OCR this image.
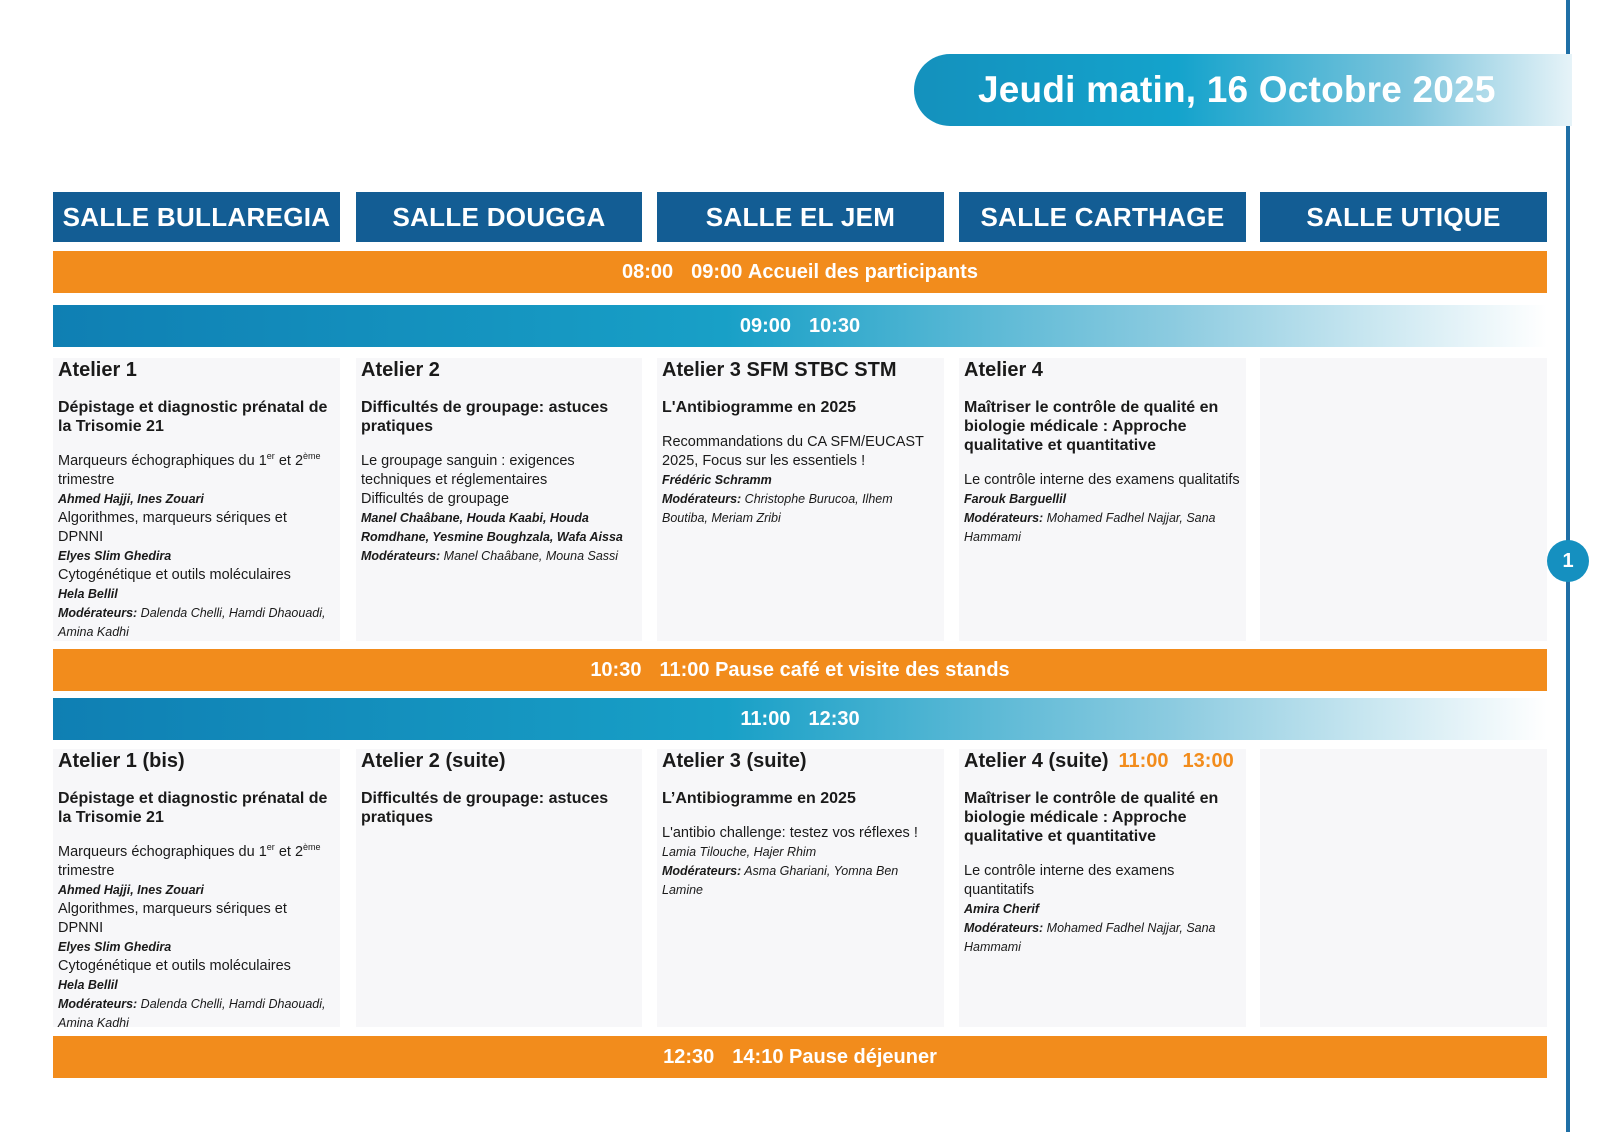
Jeudi matin, 16 Octobre 2025
1
SALLE BULLAREGIA	SALLE DOUGGA	SALLE EL JEM	SALLE CARTHAGE	SALLE UTIQUE
08:00 09:00
Accueil des participants
09:00 10:30

Atelier 1

Dépistage et diagnostic prénatal de la Trisomie 21
Marqueurs échographiques du 1er et 2ème trimestre
Ahmed Hajji, Ines Zouari
Algorithmes, marqueurs sériques et DPNNI
Elyes Slim Ghedira
Cytogénétique et outils moléculaires
Hela Bellil
Modérateurs: Dalenda Chelli, Hamdi Dhaouadi, Amina Kadhi

Atelier 2

Difficultés de groupage: astuces pratiques
Le groupage sanguin : exigences techniques et réglementaires
Difficultés de groupage
Manel Chaâbane, Houda Kaabi, Houda Romdhane, Yesmine Boughzala, Wafa Aissa
Modérateurs: Manel Chaâbane, Mouna Sassi

Atelier 3 SFM STBC STM

L'Antibiogramme en 2025
Recommandations du CA SFM/EUCAST 2025, Focus sur les essentiels !
Frédéric Schramm
Modérateurs: Christophe Burucoa, Ilhem Boutiba, Meriam Zribi

Atelier 4

Maîtriser le contrôle de qualité en biologie médicale : Approche qualitative et quantitative
Le contrôle interne des examens qualitatifs
Farouk Barguellil
Modérateurs: Mohamed Fadhel Najjar, Sana Hammami
10:30 11:00
Pause café et visite des stands
11:00 12:30

Atelier 1 (bis)

Dépistage et diagnostic prénatal de la Trisomie 21
Marqueurs échographiques du 1er et 2ème trimestre
Ahmed Hajji, Ines Zouari
Algorithmes, marqueurs sériques et DPNNI
Elyes Slim Ghedira
Cytogénétique et outils moléculaires
Hela Bellil
Modérateurs: Dalenda Chelli, Hamdi Dhaouadi, Amina Kadhi

Atelier 2 (suite)

Difficultés de groupage: astuces pratiques

Atelier 3 (suite)

L’Antibiogramme en 2025
L'antibio challenge: testez vos réflexes !
Lamia Tilouche, Hajer Rhim
Modérateurs: Asma Ghariani, Yomna Ben Lamine

Atelier 4 (suite) 11:00 13:00

Maîtriser le contrôle de qualité en biologie médicale : Approche qualitative et quantitative
Le contrôle interne des examens quantitatifs
Amira Cherif
Modérateurs: Mohamed Fadhel Najjar, Sana Hammami
12:30 14:10
Pause déjeuner
